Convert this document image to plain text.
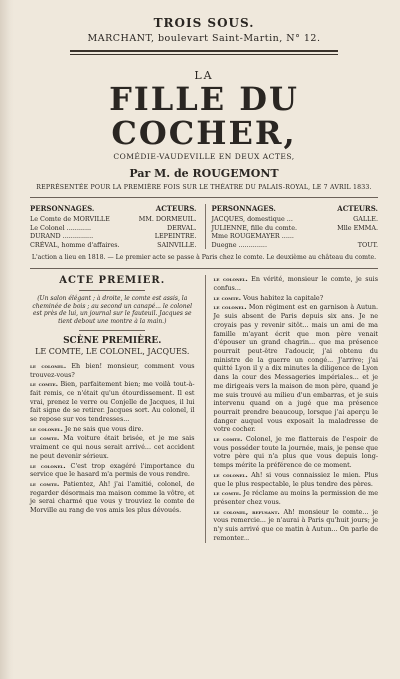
TROIS SOUS.
MARCHANT, boulevart Saint-Martin, N° 12.
LA
FILLE DU COCHER,
COMÉDIE-VAUDEVILLE EN DEUX ACTES,
Par M. de ROUGEMONT
REPRÉSENTÉE POUR LA PREMIÈRE FOIS SUR LE THÉATRE DU PALAIS-ROYAL, LE 7 AVRIL 1833.
PERSONNAGES.	ACTEURS.
Le Comte de MORVILLE	MM. DORMEUIL.
Le Colonel ............	DERVAL.
DURAND ...............	LEPEINTRE.
CRÉVAL, homme d'affaires.	SAINVILLE.
PERSONNAGES.	ACTEURS.
JACQUES, domestique ...	GALLE.
JULIENNE, fille du comte.	Mlle EMMA.
Mme ROUGEMAYER ......
Duegne ..............	TOUT.
L'action a lieu en 1818. — Le premier acte se passe à Paris chez le comte. Le deuxième au château du comte.
ACTE PREMIER.
(Un salon élégant ; à droite, le comte est assis, la cheminée de bois ; au second un canapé... le colonel est près de lui, un journal sur le fauteuil. Jacques se tient debout une montre à la main.)
SCÈNE PREMIÈRE.
LE COMTE, LE COLONEL, JACQUES.
le colonel. Eh bien! monsieur, comment vous trouvez-vous?
le comte. Bien, parfaitement bien; me voilà tout-à-fait remis, ce n'était qu'un étourdissement. Il est vrai, prenez le verre ou Conjelle de Jacques, il lui fait signe de se retirer. Jacques sort. Au colonel, il se repose sur vos tendresses...
le colonel. Je ne sais que vous dire.
le comte. Ma voiture était brisée, et je me sais vraiment ce qui nous serait arrivé... cet accident ne peut devenir sérieux.
le colonel. C'est trop exagéré l'importance du service que le hasard m'a permis de vous rendre.
le comte. Patientez, Ah! j'ai l'amitié, colonel, de regarder désormais ma maison comme la vôtre, et je serai charmé que vous y trouviez le comte de Morville au rang de vos amis les plus dévoués.
le colonel. En vérité, monsieur le comte, je suis confus...
le comte. Vous habitez la capitale?
le colonel. Mon régiment est en garnison à Autun. Je suis absent de Paris depuis six ans. Je ne croyais pas y revenir sitôt... mais un ami de ma famille m'ayant écrit que mon père venait d'épouser un grand chagrin... que ma présence pourrait peut-être l'adoucir, j'ai obtenu du ministre de la guerre un congé... J'arrive; j'ai quitté Lyon il y a dix minutes la diligence de Lyon dans la cour des Messageries impériales... et je me dirigeais vers la maison de mon père, quand je me suis trouvé au milieu d'un embarras, et je suis intervenu quand on a jugé que ma présence pourrait prendre beaucoup, lorsque j'ai aperçu le danger auquel vous exposait la maladresse de votre cocher.
le comte. Colonel, je me flatterais de l'espoir de vous posséder toute la journée, mais, je pense que votre père qui n'a plus que vous depuis long-temps mérite la préférence de ce moment.
le colonel. Ah! si vous connaissiez le mien. Plus que le plus respectable, le plus tendre des pères.
le comte. Je réclame au moins la permission de me présenter chez vous.
le colonel, refusant. Ah! monsieur le comte... je vous remercie... je n'aurai à Paris qu'huit jours; je n'y suis arrivé que ce matin à Autun... On parle de remonter...
